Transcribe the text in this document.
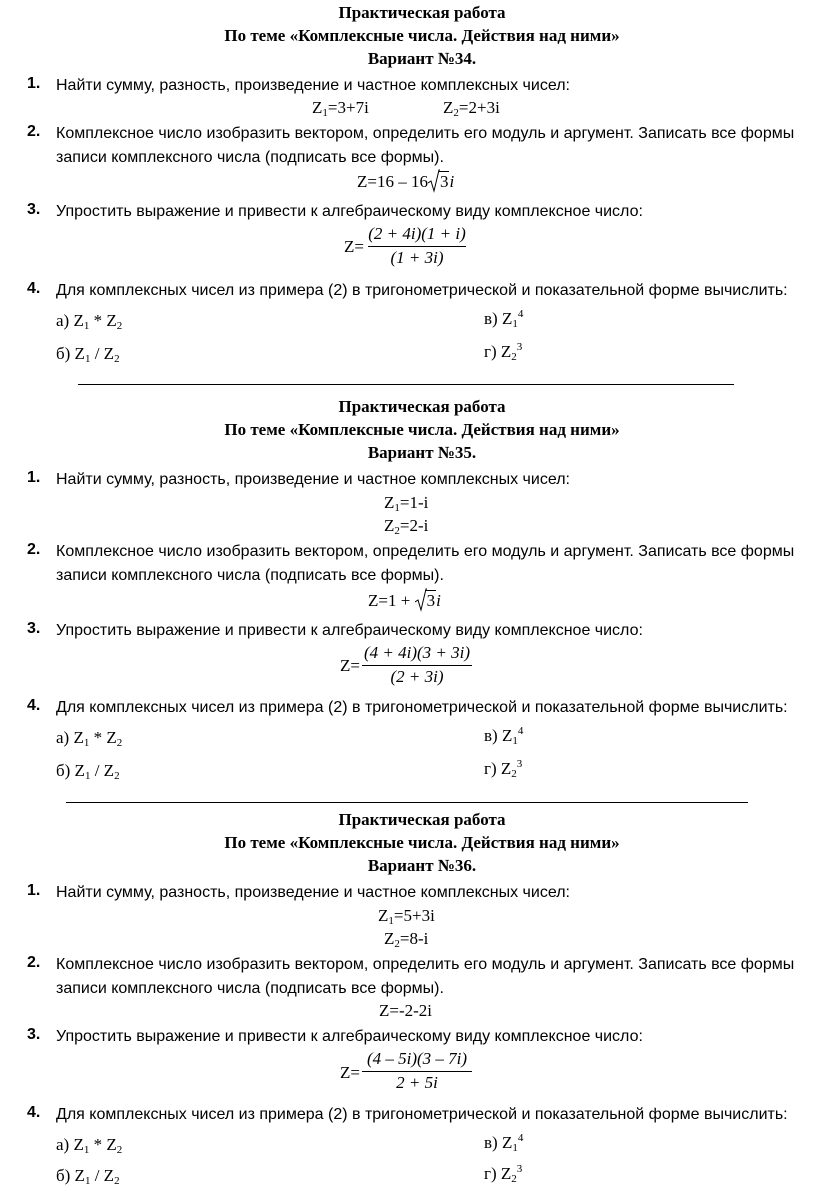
Практическая работа
По теме «Комплексные числа. Действия над ними»
Вариант №34.
1. Найти сумму, разность, произведение и частное комплексных чисел:
$Z_1=3+7i$	$Z_2=2+3i$
2. Комплексное число изобразить вектором, определить его модуль и аргумент. Записать все формы
записи комплексного числа (подписать все формы).
Z=16 – 16 3i
3. Упростить выражение и привести к алгебраическому виду комплексное число:
Z=
(2 + 4i)(1 + i)
(1 + 3i)
4. Для комплексных чисел из примера (2) в тригонометрической и показательной форме вычислить:
а) $Z_1 * Z_2$	в) $Z_1^4$
б) $Z_1 / Z_2$	г) $Z_2^3$
Практическая работа
По теме «Комплексные числа. Действия над ними»
Вариант №35.
1. Найти сумму, разность, произведение и частное комплексных чисел:
$Z_1=1-i$
$Z_2=2-i$
2. Комплексное число изобразить вектором, определить его модуль и аргумент. Записать все формы
записи комплексного числа (подписать все формы).
Z=1 +
3i
3. Упростить выражение и привести к алгебраическому виду комплексное число:
Z=
(4 + 4i)(3 + 3i)
(2 + 3i)
4. Для комплексных чисел из примера (2) в тригонометрической и показательной форме вычислить:
а) $Z_1 * Z_2$	в) $Z_1^4$
б) $Z_1 / Z_2$	г) $Z_2^3$
Практическая работа
По теме «Комплексные числа. Действия над ними»
Вариант №36.
1. Найти сумму, разность, произведение и частное комплексных чисел:
$Z_1=5+3i$
$Z_2=8-i$
2. Комплексное число изобразить вектором, определить его модуль и аргумент. Записать все формы
записи комплексного числа (подписать все формы).
Z=-2-2i
3. Упростить выражение и привести к алгебраическому виду комплексное число:
Z=
(4 – 5i)(3 – 7i)
2 + 5i
4. Для комплексных чисел из примера (2) в тригонометрической и показательной форме вычислить:
а) $Z_1 * Z_2$	в) $Z_1^4$
б) $Z_1 / Z_2$	г) $Z_2^3$
